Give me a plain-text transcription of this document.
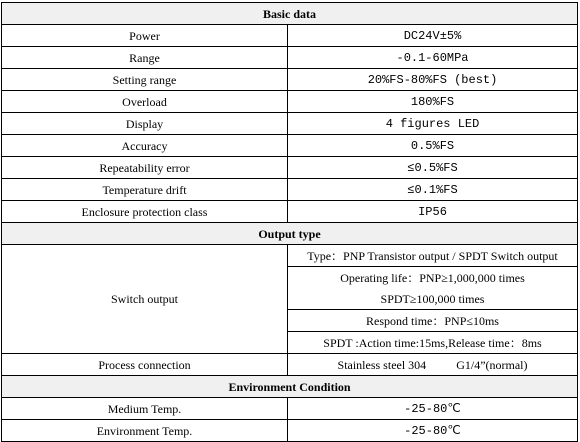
Basic data	
Power	DC24V±5%
Range	-0.1-60MPa
Setting range	20%FS-80%FS (best)
Overload	180%FS
Display	4 figures LED
Accuracy	0.5%FS
Repeatability error	≤0.5%FS
Temperature drift	≤0.1%FS
Enclosure protection class	IP56
Output type	
Switch output	Type：PNP Transistor output / SPDT Switch output
	Operating life：PNP≥1,000,000 times
	SPDT≥100,000 times
	Respond time：PNP≤10ms
	SPDT :Action time:15ms,Release time：8ms
Process connection	Stainless steel 304 G1/4”(normal)
Environment Condition	
Medium Temp.	-25-80℃
Environment Temp.	-25-80℃
